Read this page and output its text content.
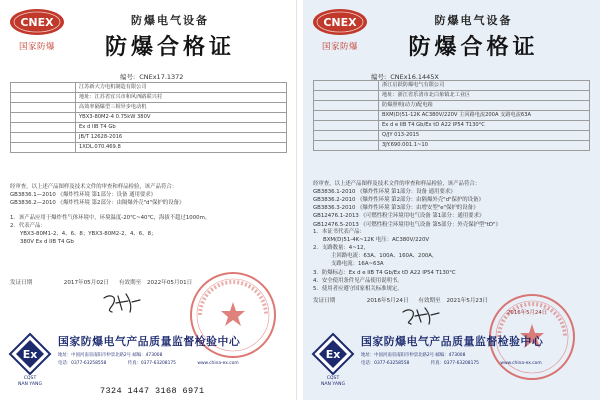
CNEX
国家防爆
防爆电气设备
防爆合格证
编号: CNEx17.1372
	江苏新大力电机制造有限公司

	地址：江苏省宜兴市和风西路联兴村

	高效率隔爆型三相异步电动机

	YBX3-80M2-4 0.75kW 380V

	Ex d IIB T4 Gb

	JB/T 12628-2016

	1XDL.070.469.8
经审查，以上述产品图样及技术文件的审查和样品检验，该产品符合：
GB3836.1—2010 《爆炸性环境 第1部分：设备 通用要求》
GB3836.2—2010 《爆炸性环境 第2部分：由隔爆外壳"d"保护的设备》
1．该产品应用于爆炸性气体环境中，环境温度-20℃~40℃，海拔不超过1000m。
2．代表产品：
YBX3-80M1-2、4、6、8；YBX3-80M2-2、4、6、8；
380V Ex d IIB T4 Gb
发证日期	2017年05月02日 有效期至 2022年05月01日
Ex
CQST
NAN YANG
国家防爆电气产品质量监督检验中心
地址：中国河南省南阳市仲景北路2号 邮编：473008
电话：0377-63258558	传真：0377-63208175	www.china-ex.com
7324 1447 3168 6971
CNEX
国家防爆
防爆电气设备
防爆合格证
编号: CNEx16.1445X
	浙江启跃防爆电气有限公司

	地址：浙江省乐清市北白象镇北工业区

	防爆照明(动力)配电箱

	BXM(D)51-12K AC380V/220V 主回路电流200A 支路电流63A

	Ex d e IIB T4 Gb/Ex tD A22 IP54 T130°C

	Q/JY 013-2015

	3JY.690.001.1~10
经审查，以上述产品图样及技术文件的审查和样品检验，该产品符合：
GB3836.1-2010 《爆炸性环境 第1部分：设备 通用要求》
GB3836.2-2010 《爆炸性环境 第2部分：由隔爆外壳"d"保护的设备》
GB3836.3-2010 《爆炸性环境 第3部分：由增安型"e"保护的设备》
GB12476.1-2013 《可燃性粉尘环境用电气设备 第1部分：通用要求》
GB12476.5-2013 《可燃性粉尘环境用电气设备 第5部分：外壳保护型"tD"》
1．本证书代表产品：
BXM(D)51-4K~12K 电压：AC380V/220V
2．支路数量：4~12，
主回路电流：63A、100A、160A、200A，
支路电流：16A~63A
3．防爆标志：Ex d e IIB T4 Gb/Ex tD A22 IP54 T130°C
4．安全使用条件见产品使用说明书。
5．使用者应遵守国家相关标准规定。
发证日期	2016年5月24日 有效期至 2021年5月23日
2016年5月24日
Ex
CQST
NAN YANG
国家防爆电气产品质量监督检验中心
地址：中国河南省南阳市仲景北路2号 邮编：473008
电话：0377-63258558	传真：0377-63208175	www.china-ex.com
